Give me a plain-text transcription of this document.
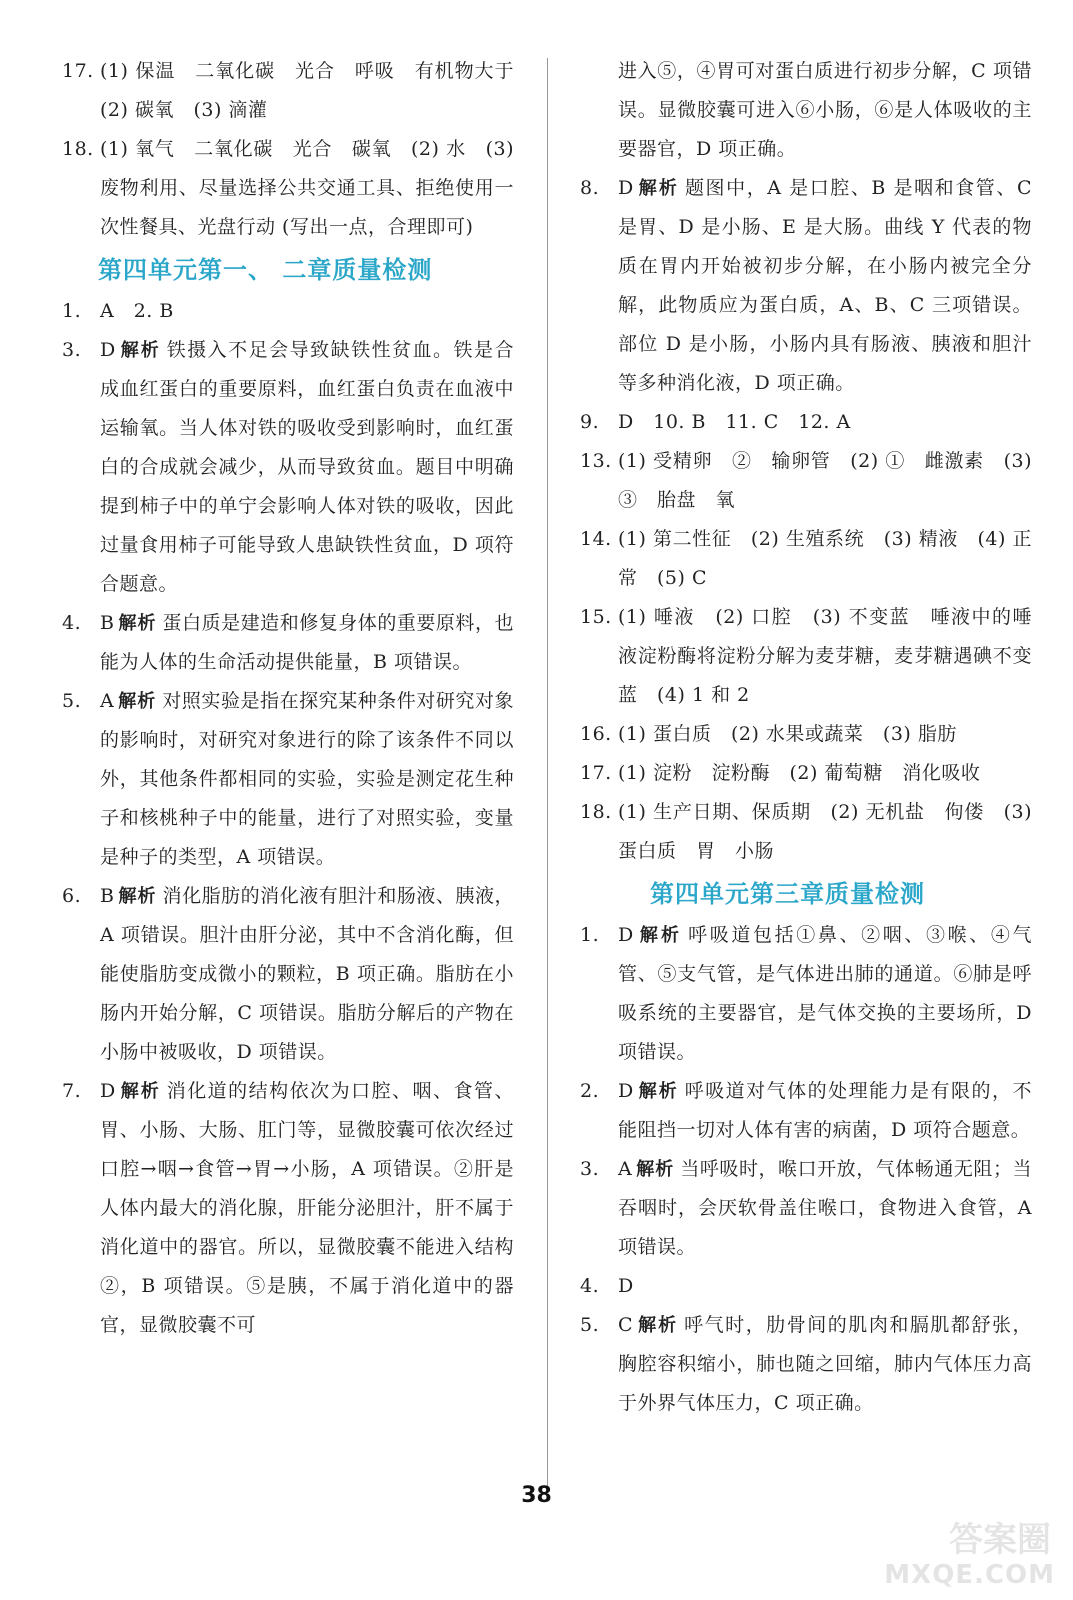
17. (1) 保温　二氧化碳　光合　呼吸　有机物大于　(2) 碳氧　(3) 滴灌
18. (1) 氧气　二氧化碳　光合　碳氧　(2) 水　(3) 废物利用、尽量选择公共交通工具、拒绝使用一次性餐具、光盘行动 (写出一点，合理即可)
第四单元第一、 二章质量检测
1. A　2. B
3. D 解析 铁摄入不足会导致缺铁性贫血。铁是合成血红蛋白的重要原料，血红蛋白负责在血液中运输氧。当人体对铁的吸收受到影响时，血红蛋白的合成就会减少，从而导致贫血。题目中明确提到柿子中的单宁会影响人体对铁的吸收，因此过量食用柿子可能导致人患缺铁性贫血，D 项符合题意。
4. B 解析 蛋白质是建造和修复身体的重要原料，也能为人体的生命活动提供能量，B 项错误。
5. A 解析 对照实验是指在探究某种条件对研究对象的影响时，对研究对象进行的除了该条件不同以外，其他条件都相同的实验，实验是测定花生种子和核桃种子中的能量，进行了对照实验，变量是种子的类型，A 项错误。
6. B 解析 消化脂肪的消化液有胆汁和肠液、胰液，A 项错误。胆汁由肝分泌，其中不含消化酶，但能使脂肪变成微小的颗粒，B 项正确。脂肪在小肠内开始分解，C 项错误。脂肪分解后的产物在小肠中被吸收，D 项错误。
7. D 解析 消化道的结构依次为口腔、咽、食管、胃、小肠、大肠、肛门等，显微胶囊可依次经过口腔→咽→食管→胃→小肠，A 项错误。②肝是人体内最大的消化腺，肝能分泌胆汁，肝不属于消化道中的器官。所以，显微胶囊不能进入结构②，B 项错误。⑤是胰，不属于消化道中的器官，显微胶囊不可
进入⑤，④胃可对蛋白质进行初步分解，C 项错误。显微胶囊可进入⑥小肠，⑥是人体吸收的主要器官，D 项正确。
8. D 解析 题图中，A 是口腔、B 是咽和食管、C 是胃、D 是小肠、E 是大肠。曲线 Y 代表的物质在胃内开始被初步分解，在小肠内被完全分解，此物质应为蛋白质，A、B、C 三项错误。部位 D 是小肠，小肠内具有肠液、胰液和胆汁等多种消化液，D 项正确。
9. D　10. B　11. C　12. A
13. (1) 受精卵　②　输卵管　(2) ①　雌激素　(3) ③　胎盘　氧
14. (1) 第二性征　(2) 生殖系统　(3) 精液　(4) 正常　(5) C
15. (1) 唾液　(2) 口腔　(3) 不变蓝　唾液中的唾液淀粉酶将淀粉分解为麦芽糖，麦芽糖遇碘不变蓝　(4) 1 和 2
16. (1) 蛋白质　(2) 水果或蔬菜　(3) 脂肪
17. (1) 淀粉　淀粉酶　(2) 葡萄糖　消化吸收
18. (1) 生产日期、保质期　(2) 无机盐　佝偻　(3) 蛋白质　胃　小肠
第四单元第三章质量检测
1. D 解析 呼吸道包括①鼻、②咽、③喉、④气管、⑤支气管，是气体进出肺的通道。⑥肺是呼吸系统的主要器官，是气体交换的主要场所，D 项错误。
2. D 解析 呼吸道对气体的处理能力是有限的，不能阻挡一切对人体有害的病菌，D 项符合题意。
3. A 解析 当呼吸时，喉口开放，气体畅通无阻；当吞咽时，会厌软骨盖住喉口，食物进入食管，A 项错误。
4. D
5. C 解析 呼气时，肋骨间的肌肉和膈肌都舒张，胸腔容积缩小，肺也随之回缩，肺内气体压力高于外界气体压力，C 项正确。
38
答案圈
MXQE.COM
